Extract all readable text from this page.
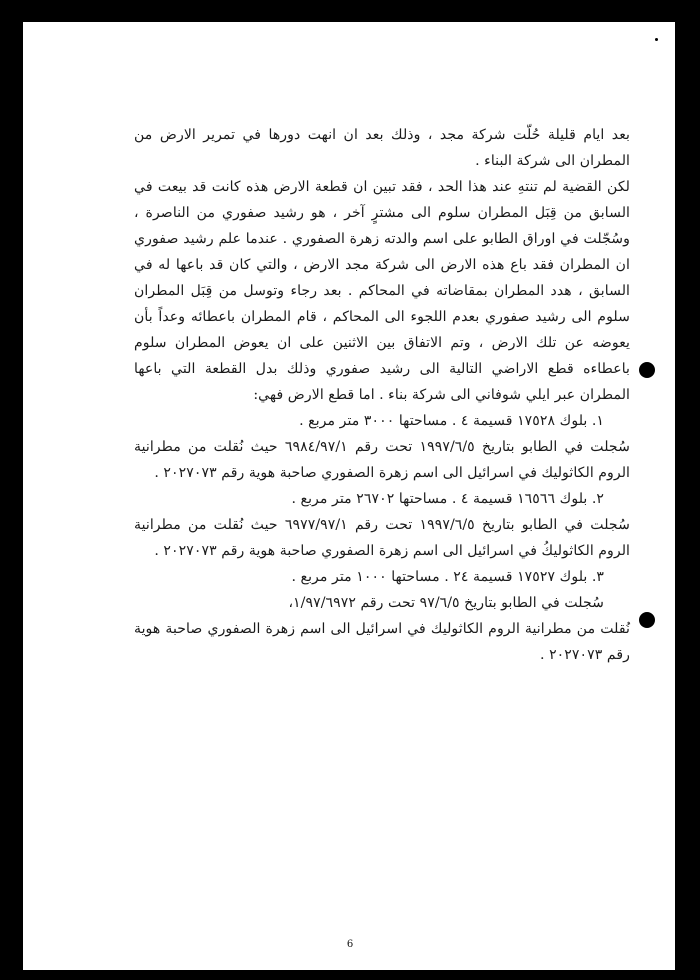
بعد ايام قليلة حُلّت شركة مجد ، وذلك بعد ان انهت دورها في تمرير الارض من المطران الى شركة البناء .

لكن القضية لم تنتهِ عند هذا الحد ، فقد تبين ان قطعة الارض هذه كانت قد بيعت في السابق من قِبَل المطران سلوم الى مشترٍ آخر ، هو رشيد صفوري من الناصرة ، وسُجّلت في اوراق الطابو على اسم والدته زهرة الصفوري . عندما علم رشيد صفوري ان المطران فقد باع هذه الارض الى شركة مجد الارض ، والتي كان قد باعها له في السابق ، هدد المطران بمقاضاته في المحاكم . بعد رجاء وتوسل من قِبَل المطران سلوم الى رشيد صفوري بعدم اللجوء الى المحاكم ، قام المطران باعطائه وعداً بأن يعوضه عن تلك الارض ، وتم الاتفاق بين الاثنين على ان يعوض المطران سلوم باعطاءه قطع الاراضي التالية الى رشيد صفوري وذلك بدل القطعة التي باعها المطران عبر ايلي شوفاني الى شركة بناء . اما قطع الارض فهي:

١. بلوك ١٧٥٢٨ قسيمة ٤ . مساحتها ٣٠٠٠ متر مربع .

سُجلت في الطابو بتاريخ ١٩٩٧/٦/٥ تحت رقم ٦٩٨٤/٩٧/١ حيث نُقلت من مطرانية الروم الكاثوليك في اسرائيل الى اسم زهرة الصفوري صاحبة هوية رقم ٢٠٢٧٠٧٣ .

٢. بلوك ١٦٥٦٦ قسيمة ٤ . مساحتها ٢٦٧٠٢ متر مربع .

سُجلت في الطابو بتاريخ ١٩٩٧/٦/٥ تحت رقم ٦٩٧٧/٩٧/١ حيث نُقلت من مطرانية الروم الكاثوليكُ في اسرائيل الى اسم زهرة الصفوري صاحبة هوية رقم ٢٠٢٧٠٧٣ .

٣. بلوك ١٧٥٢٧ قسيمة ٢٤ . مساحتها ١٠٠٠ متر مربع .

سُجلت في الطابو بتاريخ ٩٧/٦/٥ تحت رقم ١/٩٧/٦٩٧٢،

نُقلت من مطرانية الروم الكاثوليك في اسرائيل الى اسم زهرة الصفوري صاحبة هوية رقم ٢٠٢٧٠٧٣ .

6
